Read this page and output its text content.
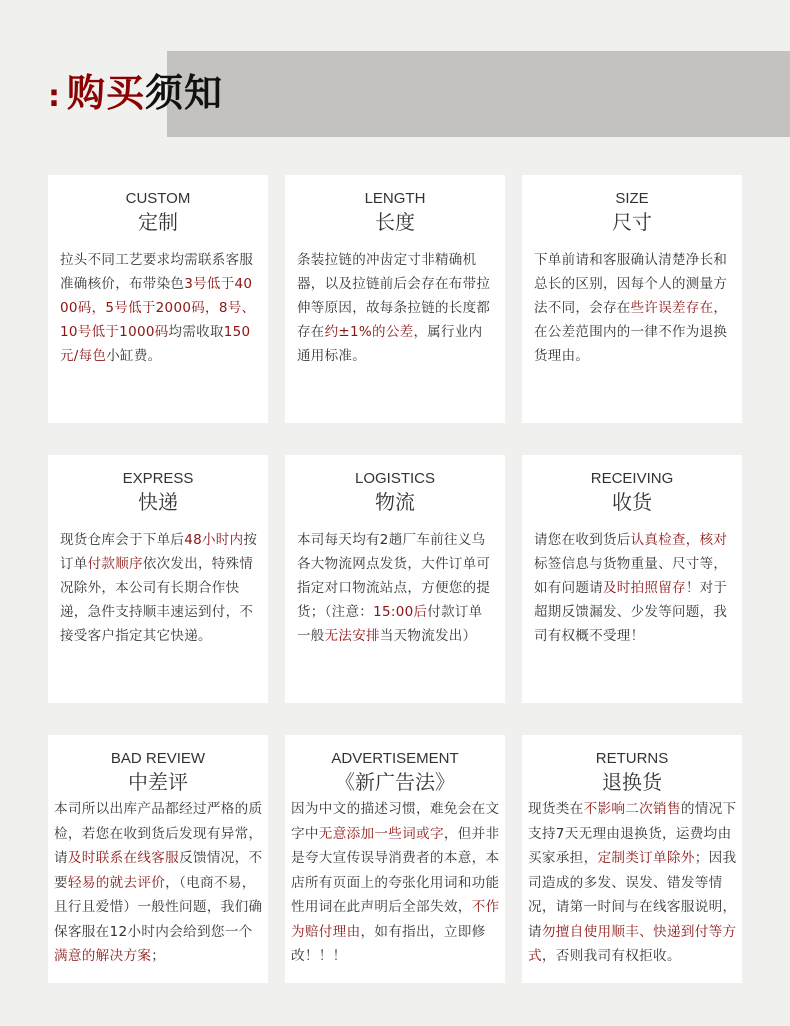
: 购买须知
CUSTOM
定制
拉头不同工艺要求均需联系客服准确核价，布带染色3号低于4000码，5号低于2000码，8号、10号低于1000码均需收取150元/每色小缸费。
LENGTH
长度
条装拉链的冲齿定寸非精确机器，以及拉链前后会存在布带拉伸等原因，故每条拉链的长度都存在约±1%的公差，属行业内通用标准。
SIZE
尺寸
下单前请和客服确认清楚净长和总长的区别，因每个人的测量方法不同，会存在些许误差存在，在公差范围内的一律不作为退换货理由。
EXPRESS
快递
现货仓库会于下单后48小时内按订单付款顺序依次发出，特殊情况除外，本公司有长期合作快递，急件支持顺丰速运到付，不接受客户指定其它快递。
LOGISTICS
物流
本司每天均有2趟厂车前往义乌各大物流网点发货，大件订单可指定对口物流站点，方便您的提货；（注意：15:00后付款订单一般无法安排当天物流发出）
RECEIVING
收货
请您在收到货后认真检查，核对标签信息与货物重量、尺寸等，如有问题请及时拍照留存！对于超期反馈漏发、少发等问题，我司有权概不受理！
BAD REVIEW
中差评
本司所以出库产品都经过严格的质检，若您在收到货后发现有异常，请及时联系在线客服反馈情况，不要轻易的就去评价，（电商不易，且行且爱惜）一般性问题，我们确保客服在12小时内会给到您一个满意的解决方案；
ADVERTISEMENT
《新广告法》
因为中文的描述习惯，难免会在文字中无意添加一些词或字，但并非是夸大宣传误导消费者的本意，本店所有页面上的夸张化用词和功能性用词在此声明后全部失效，不作为赔付理由，如有指出，立即修改！！！
RETURNS
退换货
现货类在不影响二次销售的情况下支持7天无理由退换货，运费均由买家承担，定制类订单除外；因我司造成的多发、误发、错发等情况，请第一时间与在线客服说明，请勿擅自使用顺丰、快递到付等方式，否则我司有权拒收。
